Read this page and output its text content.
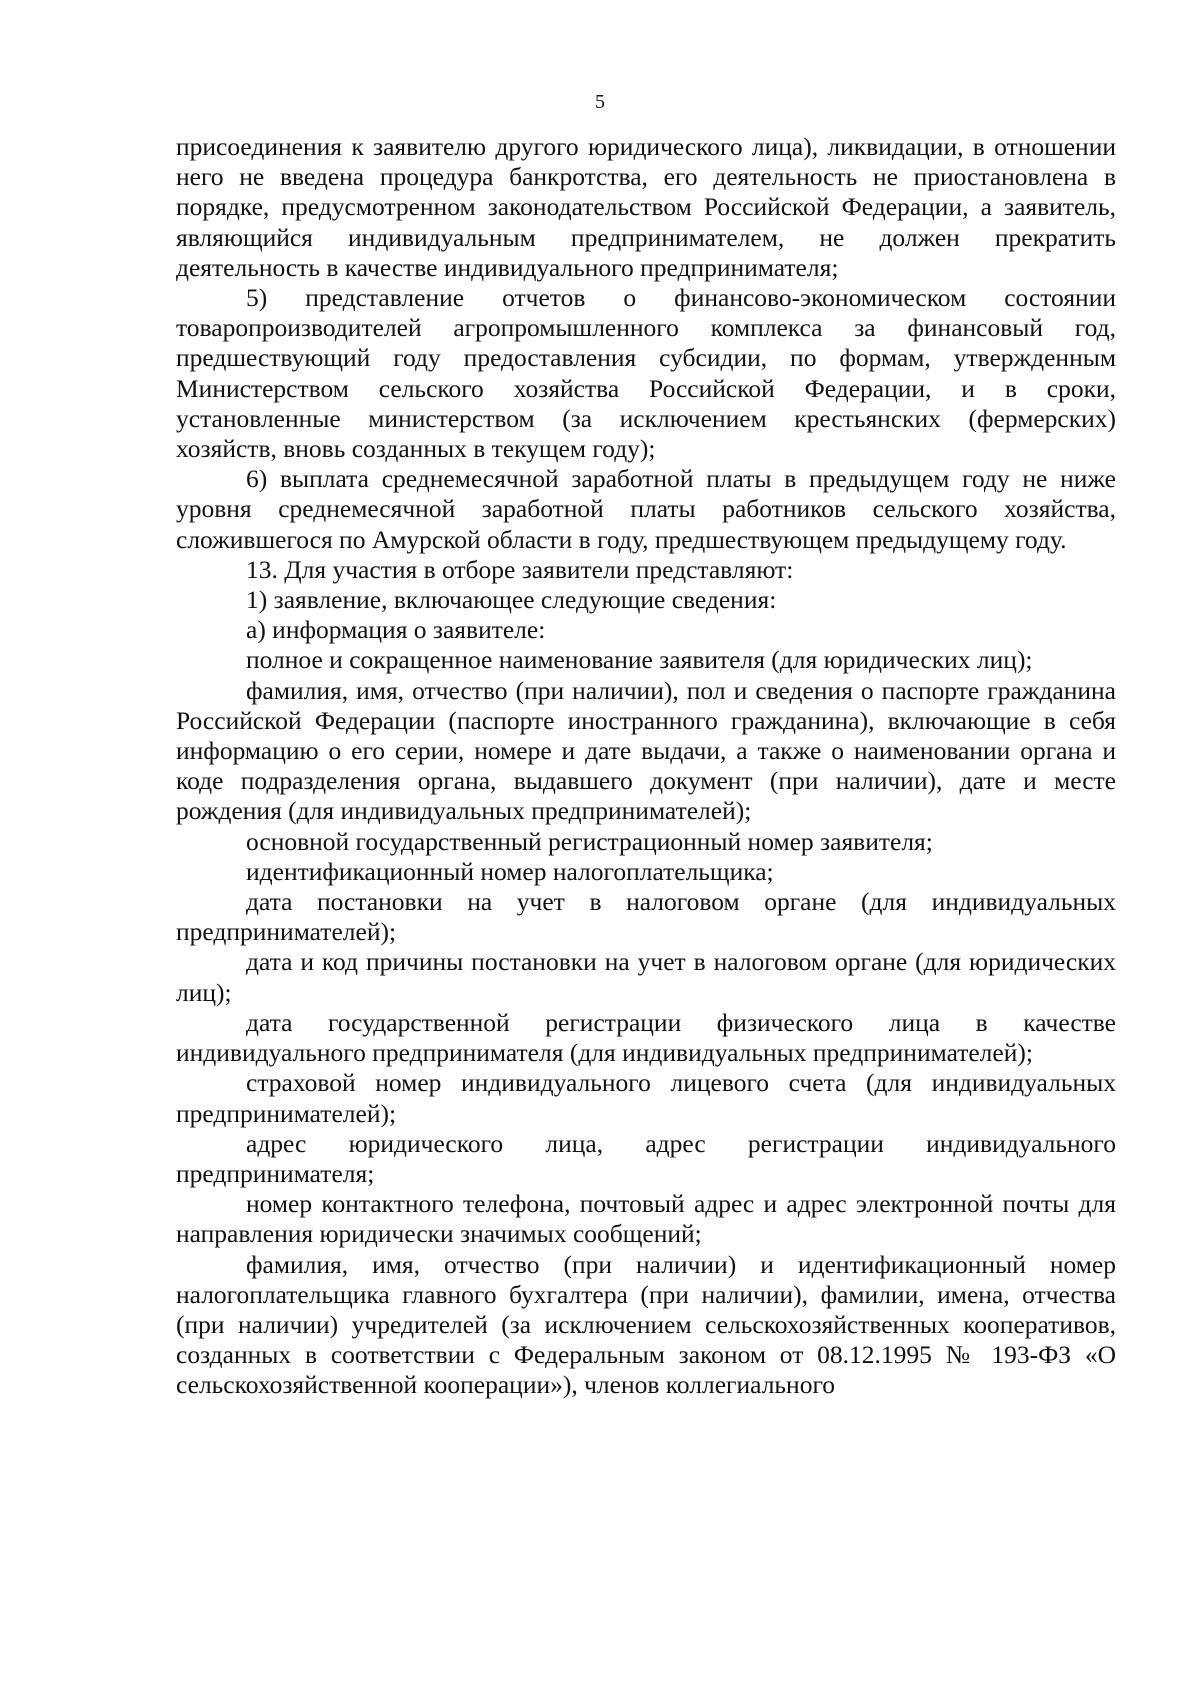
5

присоединения к заявителю другого юридического лица), ликвидации, в отношении него не введена процедура банкротства, его деятельность не приостановлена в порядке, предусмотренном законодательством Российской Федерации, а заявитель, являющийся индивидуальным предпринимателем, не должен прекратить деятельность в качестве индивидуального предпринимателя;

5) представление отчетов о финансово-экономическом состоянии товаропроизводителей агропромышленного комплекса за финансовый год, предшествующий году предоставления субсидии, по формам, утвержденным Министерством сельского хозяйства Российской Федерации, и в сроки, установленные министерством (за исключением крестьянских (фермерских) хозяйств, вновь созданных в текущем году);

6) выплата среднемесячной заработной платы в предыдущем году не ниже уровня среднемесячной заработной платы работников сельского хозяйства, сложившегося по Амурской области в году, предшествующем предыдущему году.

13. Для участия в отборе заявители представляют:

1) заявление, включающее следующие сведения:

а) информация о заявителе:

полное и сокращенное наименование заявителя (для юридических лиц);

фамилия, имя, отчество (при наличии), пол и сведения о паспорте гражданина Российской Федерации (паспорте иностранного гражданина), включающие в себя информацию о его серии, номере и дате выдачи, а также о наименовании органа и коде подразделения органа, выдавшего документ (при наличии), дате и месте рождения (для индивидуальных предпринимателей);

основной государственный регистрационный номер заявителя;

идентификационный номер налогоплательщика;

дата постановки на учет в налоговом органе (для индивидуальных предпринимателей);

дата и код причины постановки на учет в налоговом органе (для юридических лиц);

дата государственной регистрации физического лица в качестве индивидуального предпринимателя (для индивидуальных предпринимателей);

страховой номер индивидуального лицевого счета (для индивидуальных предпринимателей);

адрес юридического лица, адрес регистрации индивидуального предпринимателя;

номер контактного телефона, почтовый адрес и адрес электронной почты для направления юридически значимых сообщений;

фамилия, имя, отчество (при наличии) и идентификационный номер налогоплательщика главного бухгалтера (при наличии), фамилии, имена, отчества (при наличии) учредителей (за исключением сельскохозяйственных кооперативов, созданных в соответствии с Федеральным законом от 08.12.1995 № 193-ФЗ «О сельскохозяйственной кооперации»), членов коллегиального
